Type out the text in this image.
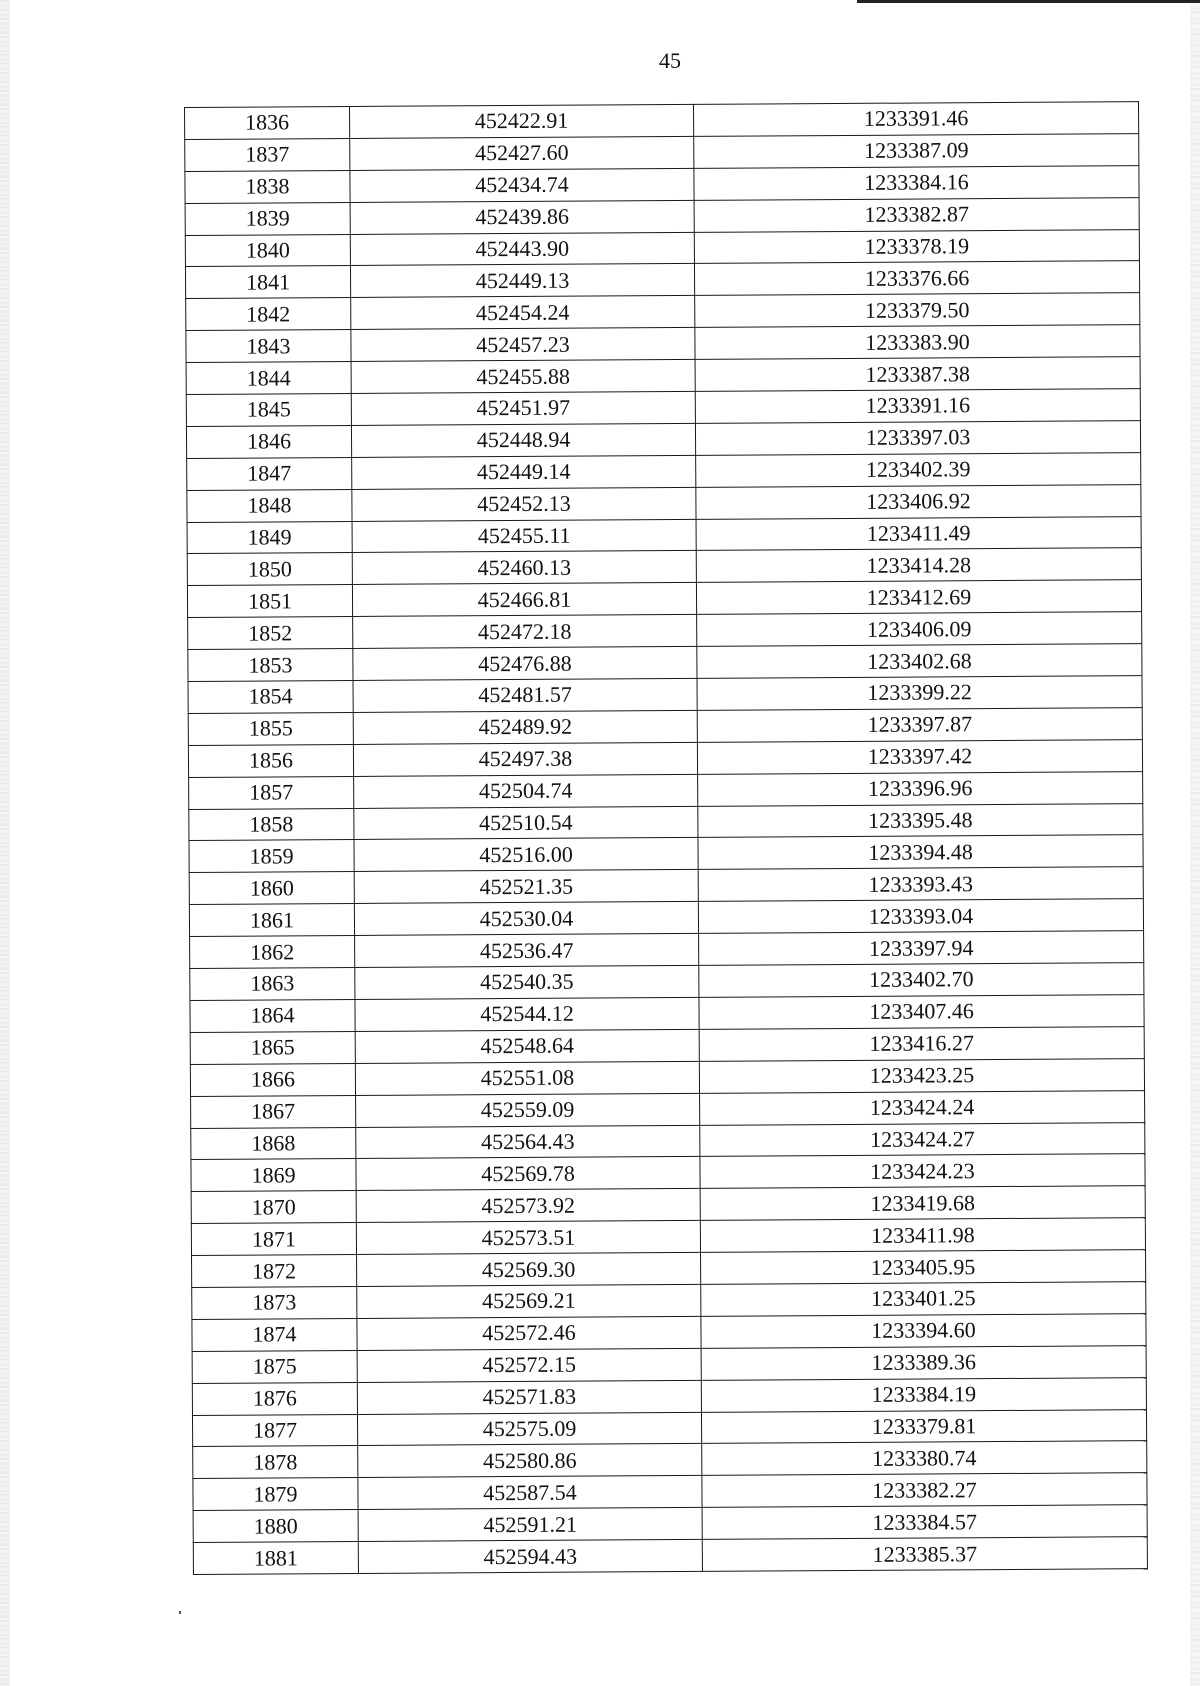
45
1836	452422.91	1233391.46
1837	452427.60	1233387.09
1838	452434.74	1233384.16
1839	452439.86	1233382.87
1840	452443.90	1233378.19
1841	452449.13	1233376.66
1842	452454.24	1233379.50
1843	452457.23	1233383.90
1844	452455.88	1233387.38
1845	452451.97	1233391.16
1846	452448.94	1233397.03
1847	452449.14	1233402.39
1848	452452.13	1233406.92
1849	452455.11	1233411.49
1850	452460.13	1233414.28
1851	452466.81	1233412.69
1852	452472.18	1233406.09
1853	452476.88	1233402.68
1854	452481.57	1233399.22
1855	452489.92	1233397.87
1856	452497.38	1233397.42
1857	452504.74	1233396.96
1858	452510.54	1233395.48
1859	452516.00	1233394.48
1860	452521.35	1233393.43
1861	452530.04	1233393.04
1862	452536.47	1233397.94
1863	452540.35	1233402.70
1864	452544.12	1233407.46
1865	452548.64	1233416.27
1866	452551.08	1233423.25
1867	452559.09	1233424.24
1868	452564.43	1233424.27
1869	452569.78	1233424.23
1870	452573.92	1233419.68
1871	452573.51	1233411.98
1872	452569.30	1233405.95
1873	452569.21	1233401.25
1874	452572.46	1233394.60
1875	452572.15	1233389.36
1876	452571.83	1233384.19
1877	452575.09	1233379.81
1878	452580.86	1233380.74
1879	452587.54	1233382.27
1880	452591.21	1233384.57
1881	452594.43	1233385.37
